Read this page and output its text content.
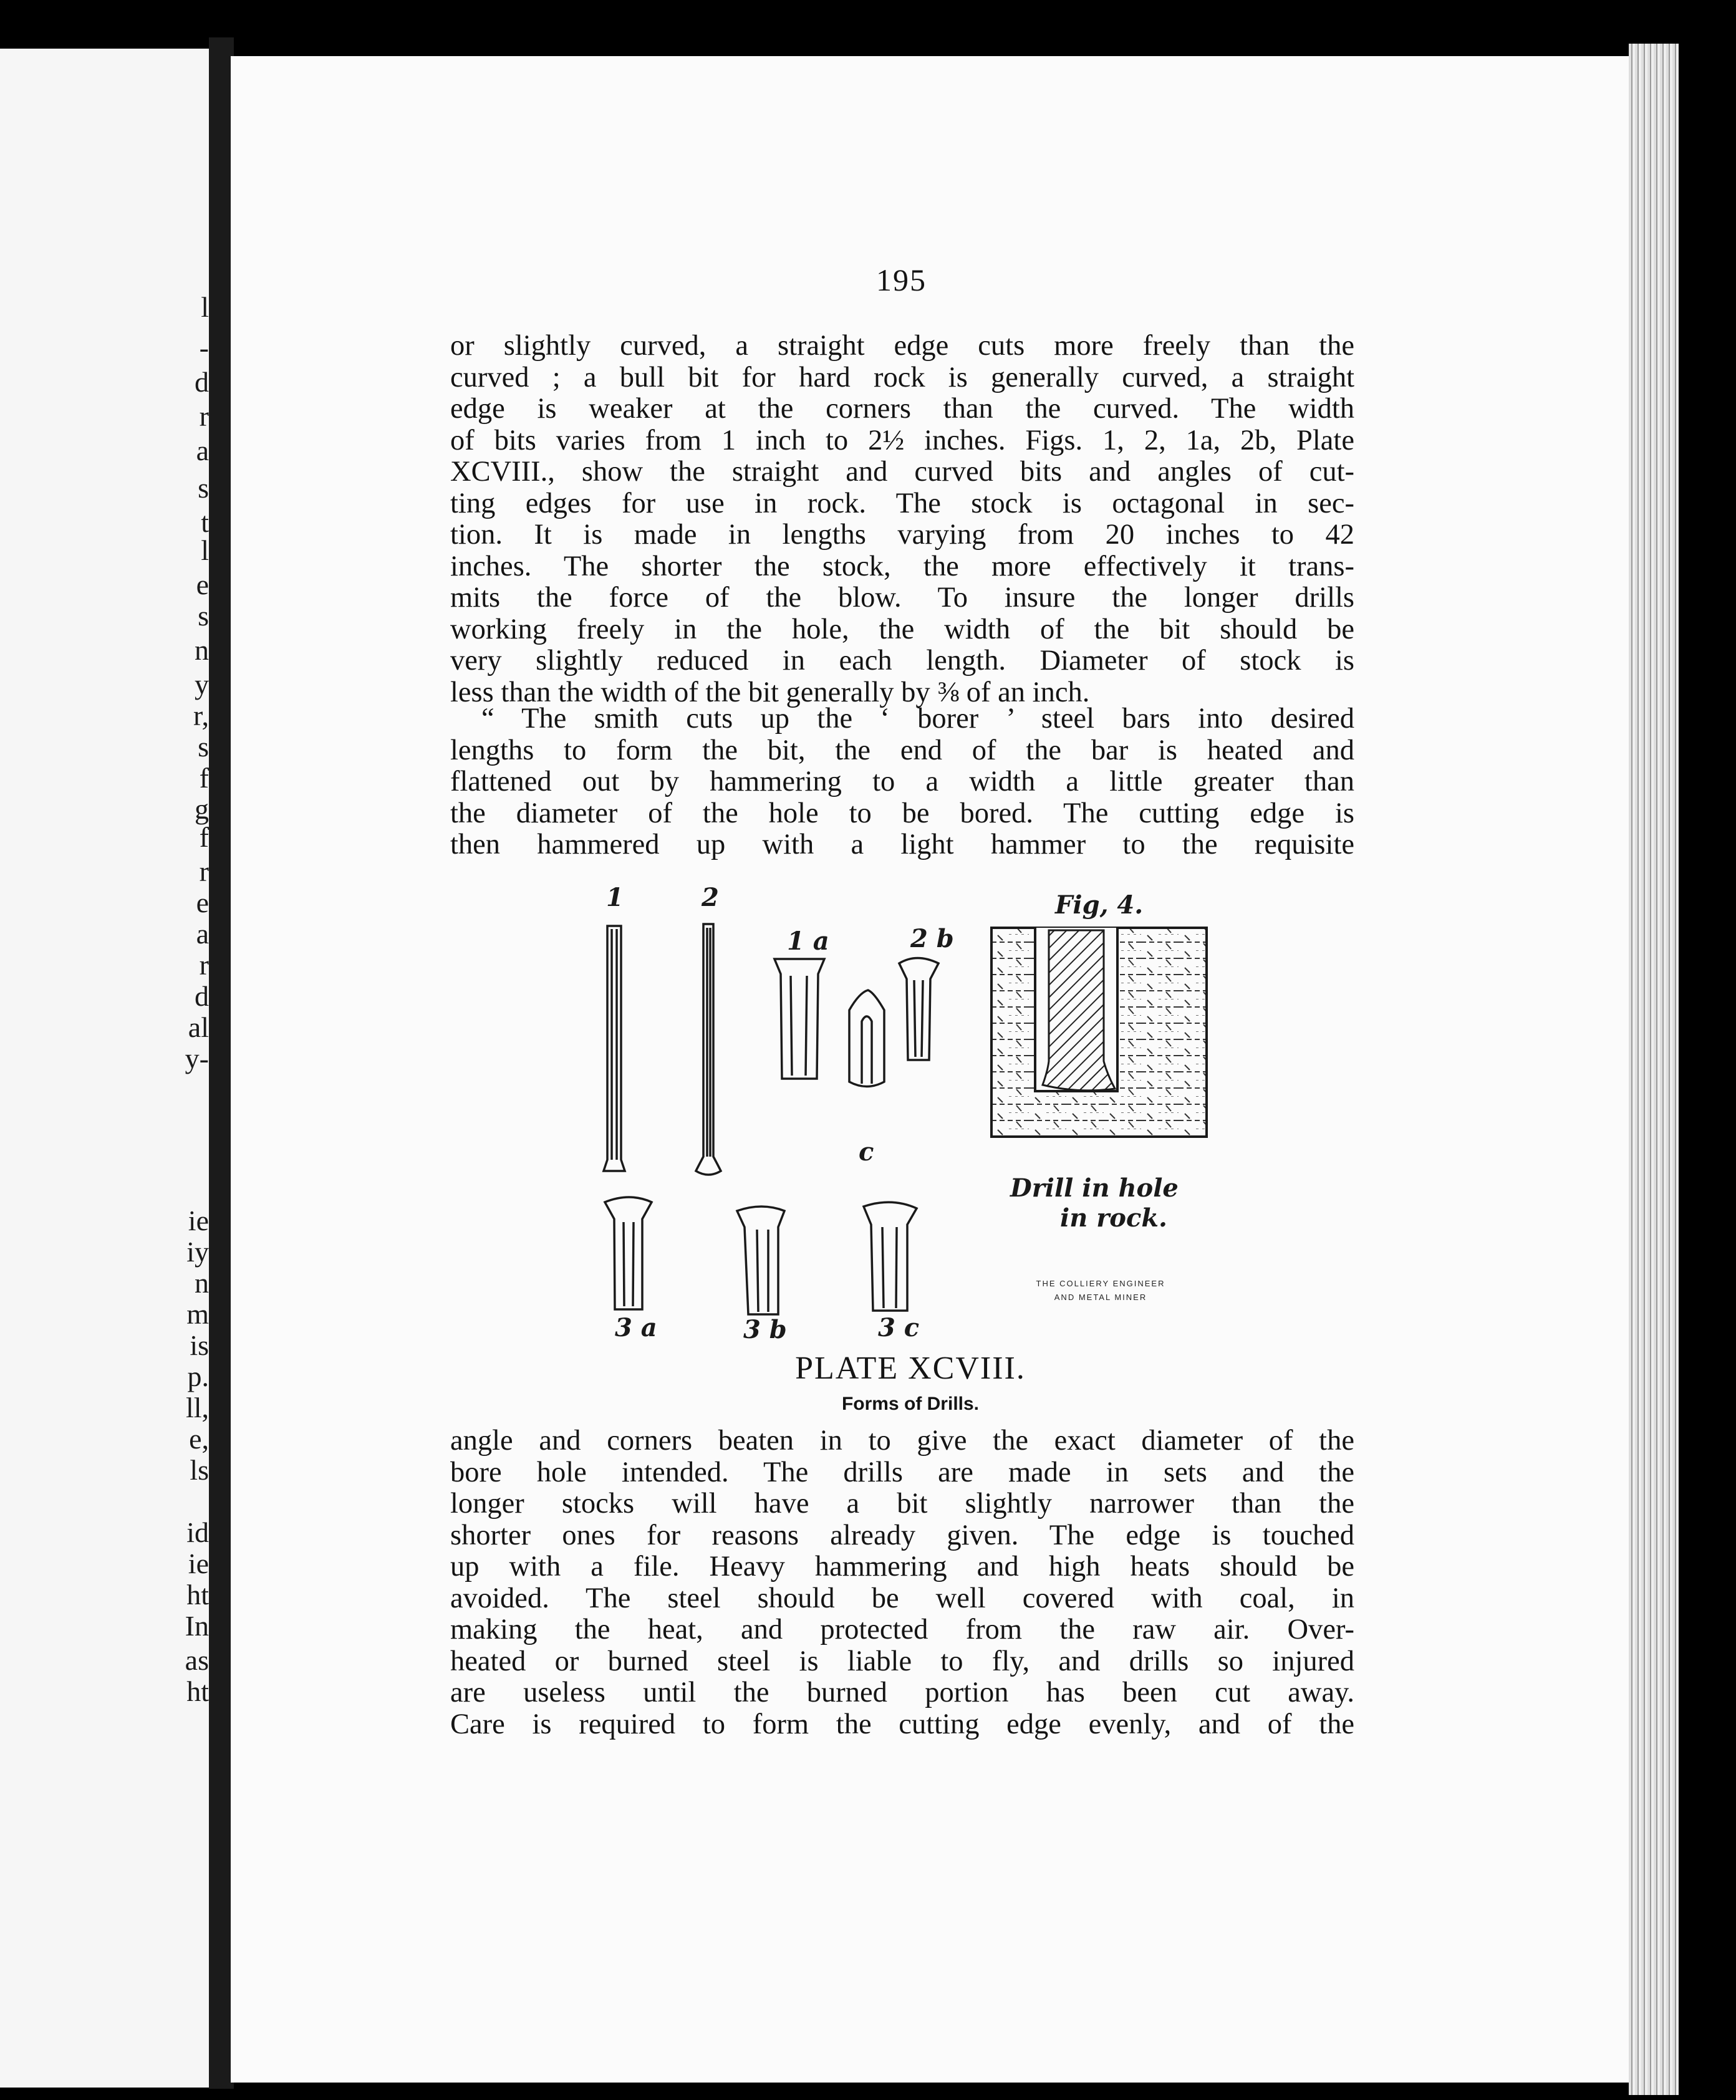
l
-
d
r
a
s
t
l
e
s
n
y
r,
s
f
g
f
r
e
a
r
d
al
y-
ie
iy
n
m
is
p.
ll,
e,
ls
id
ie
ht
In
as
ht
195
or slightly curved, a straight edge cuts more freely than the
curved ; a bull bit for hard rock is generally curved, a straight
edge is weaker at the corners than the curved. The width
of bits varies from 1 inch to 2½ inches. Figs. 1, 2, 1a, 2b, Plate
XCVIII., show the straight and curved bits and angles of cut-
ting edges for use in rock. The stock is octagonal in sec-
tion. It is made in lengths varying from 20 inches to 42
inches. The shorter the stock, the more effectively it trans-
mits the force of the blow. To insure the longer drills
working freely in the hole, the width of the bit should be
very slightly reduced in each length. Diameter of stock is
less than the width of the bit generally by ⅜ of an inch.
“ The smith cuts up the ‘ borer ’ steel bars into desired
lengths to form the bit, the end of the bar is heated and
flattened out by hammering to a width a little greater than
the diameter of the hole to be bored. The cutting edge is
then hammered up with a light hammer to the requisite
1	2
1 a	2 b
c
3 a	3 b	3 c
Fig, 4.
Drill in hole
in rock.
THE COLLIERY ENGINEER
AND METAL MINER
PLATE XCVIII.
Forms of Drills.
angle and corners beaten in to give the exact diameter of the
bore hole intended. The drills are made in sets and the
longer stocks will have a bit slightly narrower than the
shorter ones for reasons already given. The edge is touched
up with a file. Heavy hammering and high heats should be
avoided. The steel should be well covered with coal, in
making the heat, and protected from the raw air. Over-
heated or burned steel is liable to fly, and drills so injured
are useless until the burned portion has been cut away.
Care is required to form the cutting edge evenly, and of the
